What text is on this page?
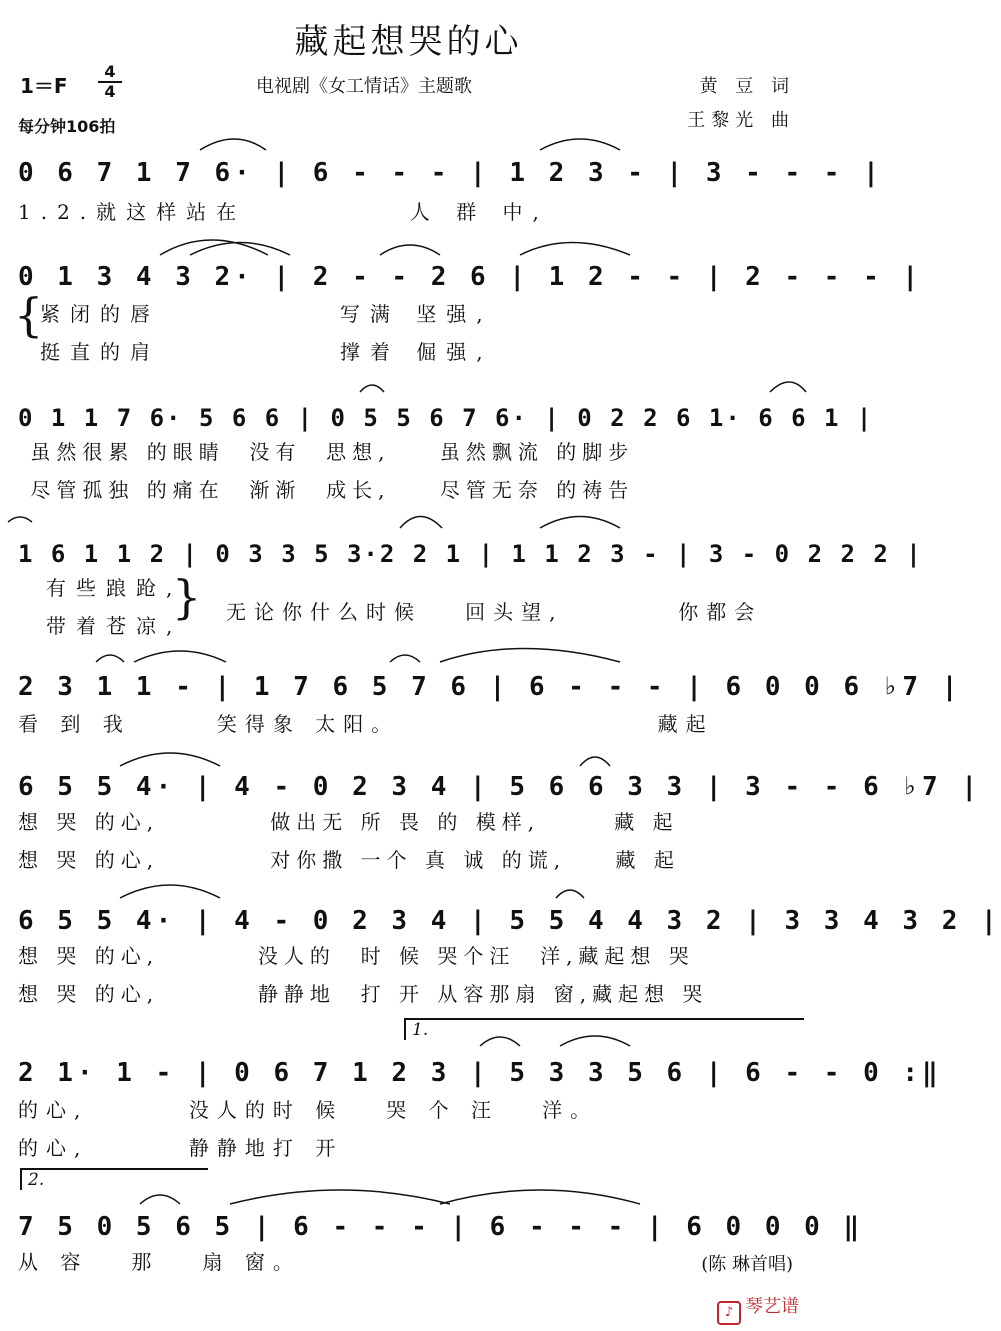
藏起想哭的心
1＝F
4
4	电视剧《女工情话》主题歌
每分钟106拍
黄 豆 词
王黎光 曲
0 6 7 1 7 6· | 6 - - - | 1 2 3 - | 3 - - - |
1.2.就这样站在          人 群 中,
0 1 3 4 3 2· | 2 - - 2 6 | 1 2 - - | 2 - - - |
{
紧闭的唇           写满 坚强,
挺直的肩           撑着 倔强,
0 1 1 7 6· 5 6 6 | 0 5 5 6 7 6· | 0 2 2 6 1· 6 6 1 |
虽然很累 的眼睛  没有  思想,    虽然飘流 的脚步
尽管孤独 的痛在  渐渐  成长,    尽管无奈 的祷告
1 6 1 1 2 | 0 3 3 5 3·2 2 1 | 1 1 2 3 - | 3 - 0 2 2 2 |
有些踉跄,
带着苍凉,
} 无论你什么时候   回头望,        你都会
2 3 1 1 - | 1 7 6 5 7 6 | 6 - - - | 6 0 0 6 ♭7 |
看 到 我      笑得象 太阳。                  藏起
6 5 5 4· | 4 - 0 2 3 4 | 5 6 6 3 3 | 3 - - 6 ♭7 |
想 哭 的心,         做出无 所 畏 的 模样,      藏 起
想 哭 的心,         对你撒 一个 真 诚 的谎,    藏 起
6 5 5 4· | 4 - 0 2 3 4 | 5 5 4 4 3 2 | 3 3 4 3 2 |
想 哭 的心,        没人的  时 候 哭个汪  洋,藏起想 哭
想 哭 的心,        静静地  打 开 从容那扇 窗,藏起想 哭
1.
2 1· 1 - | 0 6 7 1 2 3 | 5 3 3 5 6 | 6 - - 0 :‖
的心,       没人的时 候   哭 个 汪   洋。
的心,       静静地打 开
2.
7 5 0 5 6 5 | 6 - - - | 6 - - - | 6 0 0 0 ‖
从 容   那   扇 窗。	(陈 琳首唱)
♪ 琴艺谱
